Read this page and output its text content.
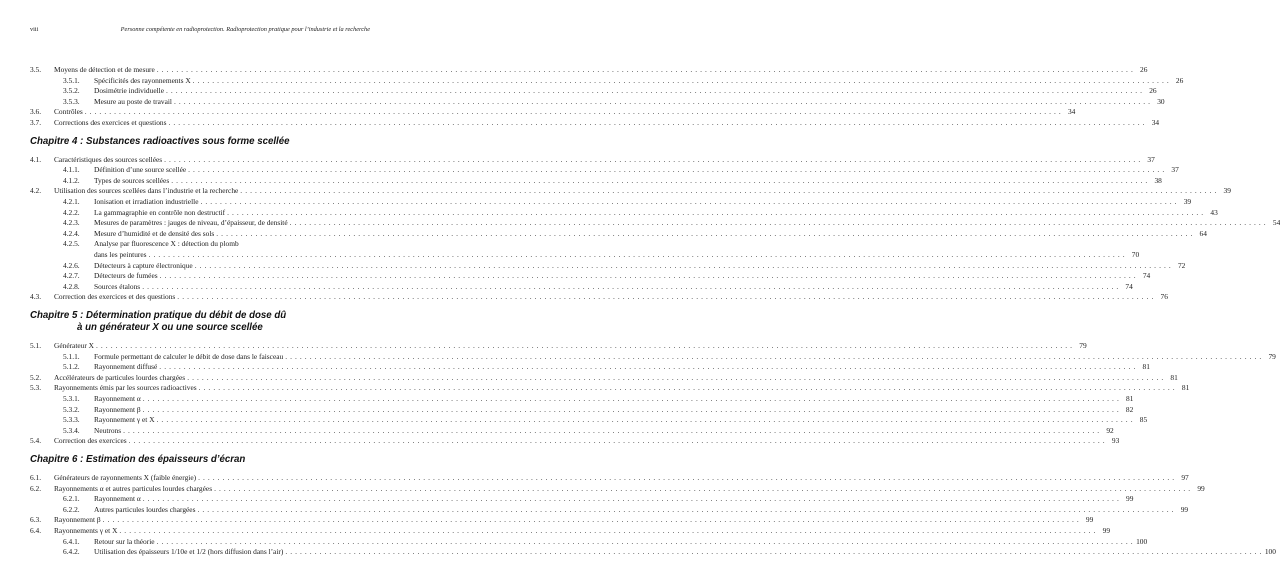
viii	Personne compétente en radioprotection. Radioprotection pratique pour l’industrie et la recherche
3.5. Moyens de détection et de mesure . . . . . . . . . . . . . . . . . . . . . . . . . . . . . . . . . . . . . . . . . . . . . . . . . . . . . . . . . . . . . . . . . . . . . . . . . . . . . . . . . . . . . . . . . . . . . . . . . . . . . . . . . . . . . . . . . . . . . . . . . . . . . . . . . . . . . . . . . . . . . . . . . . . . . . . . . . . . . . . . . . . . . . . . . . . . . . . . . . . . . . . . . . . . . . . . . . . . . . . . 26
3.5.1. Spécificités des rayonnements X . . . . . . . . . . . . . . . . . . . . . . . . . . . . . . . . . . . . . . . . . . . . . . . . . . . . . . . . . . . . . . . . . . . . . . . . . . . . . . . . . . . . . . . . . . . . . . . . . . . . . . . . . . . . . . . . . . . . . . . . . . . . . . . . . . . . . . . . . . . . . . . . . . . . . . . . . . . . . . . . . . . . . . . . . . . . . . . . . . . . . . . . . . . . . . . . . . . . . . . . 26
3.5.2. Dosimétrie individuelle . . . . . . . . . . . . . . . . . . . . . . . . . . . . . . . . . . . . . . . . . . . . . . . . . . . . . . . . . . . . . . . . . . . . . . . . . . . . . . . . . . . . . . . . . . . . . . . . . . . . . . . . . . . . . . . . . . . . . . . . . . . . . . . . . . . . . . . . . . . . . . . . . . . . . . . . . . . . . . . . . . . . . . . . . . . . . . . . . . . . . . . . . . . . . . . . . . . . . . . . 26
3.5.3. Mesure au poste de travail . . . . . . . . . . . . . . . . . . . . . . . . . . . . . . . . . . . . . . . . . . . . . . . . . . . . . . . . . . . . . . . . . . . . . . . . . . . . . . . . . . . . . . . . . . . . . . . . . . . . . . . . . . . . . . . . . . . . . . . . . . . . . . . . . . . . . . . . . . . . . . . . . . . . . . . . . . . . . . . . . . . . . . . . . . . . . . . . . . . . . . . . . . . . . . . . . . . . . . . . 30
3.6. Contrôles . . . . . . . . . . . . . . . . . . . . . . . . . . . . . . . . . . . . . . . . . . . . . . . . . . . . . . . . . . . . . . . . . . . . . . . . . . . . . . . . . . . . . . . . . . . . . . . . . . . . . . . . . . . . . . . . . . . . . . . . . . . . . . . . . . . . . . . . . . . . . . . . . . . . . . . . . . . . . . . . . . . . . . . . . . . . . . . . . . . . . . . . . . . . . . . . . . . . . . . . 34
3.7. Corrections des exercices et questions . . . . . . . . . . . . . . . . . . . . . . . . . . . . . . . . . . . . . . . . . . . . . . . . . . . . . . . . . . . . . . . . . . . . . . . . . . . . . . . . . . . . . . . . . . . . . . . . . . . . . . . . . . . . . . . . . . . . . . . . . . . . . . . . . . . . . . . . . . . . . . . . . . . . . . . . . . . . . . . . . . . . . . . . . . . . . . . . . . . . . . . . . . . . . . . . . . . . . . . . 34
Chapitre 4 : Substances radioactives sous forme scellée
4.1. Caractéristiques des sources scellées . . . . . . . . . . . . . . . . . . . . . . . . . . . . . . . . . . . . . . . . . . . . . . . . . . . . . . . . . . . . . . . . . . . . . . . . . . . . . . . . . . . . . . . . . . . . . . . . . . . . . . . . . . . . . . . . . . . . . . . . . . . . . . . . . . . . . . . . . . . . . . . . . . . . . . . . . . . . . . . . . . . . . . . . . . . . . . . . . . . . . . . . . . . . . . . . . . . . . . . . 37
4.1.1. Définition d’une source scellée . . . . . . . . . . . . . . . . . . . . . . . . . . . . . . . . . . . . . . . . . . . . . . . . . . . . . . . . . . . . . . . . . . . . . . . . . . . . . . . . . . . . . . . . . . . . . . . . . . . . . . . . . . . . . . . . . . . . . . . . . . . . . . . . . . . . . . . . . . . . . . . . . . . . . . . . . . . . . . . . . . . . . . . . . . . . . . . . . . . . . . . . . . . . . . . . . . . . . . . . 37
4.1.2. Types de sources scellées . . . . . . . . . . . . . . . . . . . . . . . . . . . . . . . . . . . . . . . . . . . . . . . . . . . . . . . . . . . . . . . . . . . . . . . . . . . . . . . . . . . . . . . . . . . . . . . . . . . . . . . . . . . . . . . . . . . . . . . . . . . . . . . . . . . . . . . . . . . . . . . . . . . . . . . . . . . . . . . . . . . . . . . . . . . . . . . . . . . . . . . . . . . . . . . . . . . . . . . . 38
4.2. Utilisation des sources scellées dans l’industrie et la recherche . . . . . . . . . . . . . . . . . . . . . . . . . . . . . . . . . . . . . . . . . . . . . . . . . . . . . . . . . . . . . . . . . . . . . . . . . . . . . . . . . . . . . . . . . . . . . . . . . . . . . . . . . . . . . . . . . . . . . . . . . . . . . . . . . . . . . . . . . . . . . . . . . . . . . . . . . . . . . . . . . . . . . . . . . . . . . . . . . . . . . . . . . . . . . . . . . . . . . . . . 39
4.2.1. Ionisation et irradiation industrielle . . . . . . . . . . . . . . . . . . . . . . . . . . . . . . . . . . . . . . . . . . . . . . . . . . . . . . . . . . . . . . . . . . . . . . . . . . . . . . . . . . . . . . . . . . . . . . . . . . . . . . . . . . . . . . . . . . . . . . . . . . . . . . . . . . . . . . . . . . . . . . . . . . . . . . . . . . . . . . . . . . . . . . . . . . . . . . . . . . . . . . . . . . . . . . . . . . . . . . . . 39
4.2.2. La gammagraphie en contrôle non destructif . . . . . . . . . . . . . . . . . . . . . . . . . . . . . . . . . . . . . . . . . . . . . . . . . . . . . . . . . . . . . . . . . . . . . . . . . . . . . . . . . . . . . . . . . . . . . . . . . . . . . . . . . . . . . . . . . . . . . . . . . . . . . . . . . . . . . . . . . . . . . . . . . . . . . . . . . . . . . . . . . . . . . . . . . . . . . . . . . . . . . . . . . . . . . . . . . . . . . . . . 43
4.2.3. Mesures de paramètres : jauges de niveau, d’épaisseur, de densité . . . . . . . . . . . . . . . . . . . . . . . . . . . . . . . . . . . . . . . . . . . . . . . . . . . . . . . . . . . . . . . . . . . . . . . . . . . . . . . . . . . . . . . . . . . . . . . . . . . . . . . . . . . . . . . . . . . . . . . . . . . . . . . . . . . . . . . . . . . . . . . . . . . . . . . . . . . . . . . . . . . . . . . . . . . . . . . . . . . . . . . . . . . . . . . . . . . . . . . . 54
4.2.4. Mesure d’humidité et de densité des sols . . . . . . . . . . . . . . . . . . . . . . . . . . . . . . . . . . . . . . . . . . . . . . . . . . . . . . . . . . . . . . . . . . . . . . . . . . . . . . . . . . . . . . . . . . . . . . . . . . . . . . . . . . . . . . . . . . . . . . . . . . . . . . . . . . . . . . . . . . . . . . . . . . . . . . . . . . . . . . . . . . . . . . . . . . . . . . . . . . . . . . . . . . . . . . . . . . . . . . . . 64
4.2.5. Analyse par fluorescence X : détection du plomb
dans les peintures . . . . . . . . . . . . . . . . . . . . . . . . . . . . . . . . . . . . . . . . . . . . . . . . . . . . . . . . . . . . . . . . . . . . . . . . . . . . . . . . . . . . . . . . . . . . . . . . . . . . . . . . . . . . . . . . . . . . . . . . . . . . . . . . . . . . . . . . . . . . . . . . . . . . . . . . . . . . . . . . . . . . . . . . . . . . . . . . . . . . . . . . . . . . . . . . . . . . . . . . 70
4.2.6. Détecteurs à capture électronique . . . . . . . . . . . . . . . . . . . . . . . . . . . . . . . . . . . . . . . . . . . . . . . . . . . . . . . . . . . . . . . . . . . . . . . . . . . . . . . . . . . . . . . . . . . . . . . . . . . . . . . . . . . . . . . . . . . . . . . . . . . . . . . . . . . . . . . . . . . . . . . . . . . . . . . . . . . . . . . . . . . . . . . . . . . . . . . . . . . . . . . . . . . . . . . . . . . . . . . . 72
4.2.7. Détecteurs de fumées . . . . . . . . . . . . . . . . . . . . . . . . . . . . . . . . . . . . . . . . . . . . . . . . . . . . . . . . . . . . . . . . . . . . . . . . . . . . . . . . . . . . . . . . . . . . . . . . . . . . . . . . . . . . . . . . . . . . . . . . . . . . . . . . . . . . . . . . . . . . . . . . . . . . . . . . . . . . . . . . . . . . . . . . . . . . . . . . . . . . . . . . . . . . . . . . . . . . . . . . 74
4.2.8. Sources étalons . . . . . . . . . . . . . . . . . . . . . . . . . . . . . . . . . . . . . . . . . . . . . . . . . . . . . . . . . . . . . . . . . . . . . . . . . . . . . . . . . . . . . . . . . . . . . . . . . . . . . . . . . . . . . . . . . . . . . . . . . . . . . . . . . . . . . . . . . . . . . . . . . . . . . . . . . . . . . . . . . . . . . . . . . . . . . . . . . . . . . . . . . . . . . . . . . . . . . . . . 74
4.3. Correction des exercices et des questions . . . . . . . . . . . . . . . . . . . . . . . . . . . . . . . . . . . . . . . . . . . . . . . . . . . . . . . . . . . . . . . . . . . . . . . . . . . . . . . . . . . . . . . . . . . . . . . . . . . . . . . . . . . . . . . . . . . . . . . . . . . . . . . . . . . . . . . . . . . . . . . . . . . . . . . . . . . . . . . . . . . . . . . . . . . . . . . . . . . . . . . . . . . . . . . . . . . . . . . . 76
Chapitre 5 : Détermination pratique du débit de dose dû
à un générateur X ou une source scellée
5.1. Générateur X . . . . . . . . . . . . . . . . . . . . . . . . . . . . . . . . . . . . . . . . . . . . . . . . . . . . . . . . . . . . . . . . . . . . . . . . . . . . . . . . . . . . . . . . . . . . . . . . . . . . . . . . . . . . . . . . . . . . . . . . . . . . . . . . . . . . . . . . . . . . . . . . . . . . . . . . . . . . . . . . . . . . . . . . . . . . . . . . . . . . . . . . . . . . . . . . . . . . . . . . 79
5.1.1. Formule permettant de calculer le débit de dose dans le faisceau . . . . . . . . . . . . . . . . . . . . . . . . . . . . . . . . . . . . . . . . . . . . . . . . . . . . . . . . . . . . . . . . . . . . . . . . . . . . . . . . . . . . . . . . . . . . . . . . . . . . . . . . . . . . . . . . . . . . . . . . . . . . . . . . . . . . . . . . . . . . . . . . . . . . . . . . . . . . . . . . . . . . . . . . . . . . . . . . . . . . . . . . . . . . . . . . . . . . . . . . 79
5.1.2. Rayonnement diffusé . . . . . . . . . . . . . . . . . . . . . . . . . . . . . . . . . . . . . . . . . . . . . . . . . . . . . . . . . . . . . . . . . . . . . . . . . . . . . . . . . . . . . . . . . . . . . . . . . . . . . . . . . . . . . . . . . . . . . . . . . . . . . . . . . . . . . . . . . . . . . . . . . . . . . . . . . . . . . . . . . . . . . . . . . . . . . . . . . . . . . . . . . . . . . . . . . . . . . . . . 81
5.2. Accélérateurs de particules lourdes chargées . . . . . . . . . . . . . . . . . . . . . . . . . . . . . . . . . . . . . . . . . . . . . . . . . . . . . . . . . . . . . . . . . . . . . . . . . . . . . . . . . . . . . . . . . . . . . . . . . . . . . . . . . . . . . . . . . . . . . . . . . . . . . . . . . . . . . . . . . . . . . . . . . . . . . . . . . . . . . . . . . . . . . . . . . . . . . . . . . . . . . . . . . . . . . . . . . . . . . . . . 81
5.3. Rayonnements émis par les sources radioactives . . . . . . . . . . . . . . . . . . . . . . . . . . . . . . . . . . . . . . . . . . . . . . . . . . . . . . . . . . . . . . . . . . . . . . . . . . . . . . . . . . . . . . . . . . . . . . . . . . . . . . . . . . . . . . . . . . . . . . . . . . . . . . . . . . . . . . . . . . . . . . . . . . . . . . . . . . . . . . . . . . . . . . . . . . . . . . . . . . . . . . . . . . . . . . . . . . . . . . . . 81
5.3.1. Rayonnement α . . . . . . . . . . . . . . . . . . . . . . . . . . . . . . . . . . . . . . . . . . . . . . . . . . . . . . . . . . . . . . . . . . . . . . . . . . . . . . . . . . . . . . . . . . . . . . . . . . . . . . . . . . . . . . . . . . . . . . . . . . . . . . . . . . . . . . . . . . . . . . . . . . . . . . . . . . . . . . . . . . . . . . . . . . . . . . . . . . . . . . . . . . . . . . . . . . . . . . . . 81
5.3.2. Rayonnement β . . . . . . . . . . . . . . . . . . . . . . . . . . . . . . . . . . . . . . . . . . . . . . . . . . . . . . . . . . . . . . . . . . . . . . . . . . . . . . . . . . . . . . . . . . . . . . . . . . . . . . . . . . . . . . . . . . . . . . . . . . . . . . . . . . . . . . . . . . . . . . . . . . . . . . . . . . . . . . . . . . . . . . . . . . . . . . . . . . . . . . . . . . . . . . . . . . . . . . . . 82
5.3.3. Rayonnement γ et X . . . . . . . . . . . . . . . . . . . . . . . . . . . . . . . . . . . . . . . . . . . . . . . . . . . . . . . . . . . . . . . . . . . . . . . . . . . . . . . . . . . . . . . . . . . . . . . . . . . . . . . . . . . . . . . . . . . . . . . . . . . . . . . . . . . . . . . . . . . . . . . . . . . . . . . . . . . . . . . . . . . . . . . . . . . . . . . . . . . . . . . . . . . . . . . . . . . . . . . . 85
5.3.4. Neutrons . . . . . . . . . . . . . . . . . . . . . . . . . . . . . . . . . . . . . . . . . . . . . . . . . . . . . . . . . . . . . . . . . . . . . . . . . . . . . . . . . . . . . . . . . . . . . . . . . . . . . . . . . . . . . . . . . . . . . . . . . . . . . . . . . . . . . . . . . . . . . . . . . . . . . . . . . . . . . . . . . . . . . . . . . . . . . . . . . . . . . . . . . . . . . . . . . . . . . . . . 92
5.4. Correction des exercices . . . . . . . . . . . . . . . . . . . . . . . . . . . . . . . . . . . . . . . . . . . . . . . . . . . . . . . . . . . . . . . . . . . . . . . . . . . . . . . . . . . . . . . . . . . . . . . . . . . . . . . . . . . . . . . . . . . . . . . . . . . . . . . . . . . . . . . . . . . . . . . . . . . . . . . . . . . . . . . . . . . . . . . . . . . . . . . . . . . . . . . . . . . . . . . . . . . . . . . . 93
Chapitre 6 : Estimation des épaisseurs d’écran
6.1. Générateurs de rayonnements X (faible énergie) . . . . . . . . . . . . . . . . . . . . . . . . . . . . . . . . . . . . . . . . . . . . . . . . . . . . . . . . . . . . . . . . . . . . . . . . . . . . . . . . . . . . . . . . . . . . . . . . . . . . . . . . . . . . . . . . . . . . . . . . . . . . . . . . . . . . . . . . . . . . . . . . . . . . . . . . . . . . . . . . . . . . . . . . . . . . . . . . . . . . . . . . . . . . . . . . . . . . . . . . 97
6.2. Rayonnements α et autres particules lourdes chargées . . . . . . . . . . . . . . . . . . . . . . . . . . . . . . . . . . . . . . . . . . . . . . . . . . . . . . . . . . . . . . . . . . . . . . . . . . . . . . . . . . . . . . . . . . . . . . . . . . . . . . . . . . . . . . . . . . . . . . . . . . . . . . . . . . . . . . . . . . . . . . . . . . . . . . . . . . . . . . . . . . . . . . . . . . . . . . . . . . . . . . . . . . . . . . . . . . . . . . . . 99
6.2.1. Rayonnement α . . . . . . . . . . . . . . . . . . . . . . . . . . . . . . . . . . . . . . . . . . . . . . . . . . . . . . . . . . . . . . . . . . . . . . . . . . . . . . . . . . . . . . . . . . . . . . . . . . . . . . . . . . . . . . . . . . . . . . . . . . . . . . . . . . . . . . . . . . . . . . . . . . . . . . . . . . . . . . . . . . . . . . . . . . . . . . . . . . . . . . . . . . . . . . . . . . . . . . . . 99
6.2.2. Autres particules lourdes chargées . . . . . . . . . . . . . . . . . . . . . . . . . . . . . . . . . . . . . . . . . . . . . . . . . . . . . . . . . . . . . . . . . . . . . . . . . . . . . . . . . . . . . . . . . . . . . . . . . . . . . . . . . . . . . . . . . . . . . . . . . . . . . . . . . . . . . . . . . . . . . . . . . . . . . . . . . . . . . . . . . . . . . . . . . . . . . . . . . . . . . . . . . . . . . . . . . . . . . . . . 99
6.3. Rayonnement β . . . . . . . . . . . . . . . . . . . . . . . . . . . . . . . . . . . . . . . . . . . . . . . . . . . . . . . . . . . . . . . . . . . . . . . . . . . . . . . . . . . . . . . . . . . . . . . . . . . . . . . . . . . . . . . . . . . . . . . . . . . . . . . . . . . . . . . . . . . . . . . . . . . . . . . . . . . . . . . . . . . . . . . . . . . . . . . . . . . . . . . . . . . . . . . . . . . . . . . . 99
6.4. Rayonnements γ et X . . . . . . . . . . . . . . . . . . . . . . . . . . . . . . . . . . . . . . . . . . . . . . . . . . . . . . . . . . . . . . . . . . . . . . . . . . . . . . . . . . . . . . . . . . . . . . . . . . . . . . . . . . . . . . . . . . . . . . . . . . . . . . . . . . . . . . . . . . . . . . . . . . . . . . . . . . . . . . . . . . . . . . . . . . . . . . . . . . . . . . . . . . . . . . . . . . . . . . . . 99
6.4.1. Retour sur la théorie . . . . . . . . . . . . . . . . . . . . . . . . . . . . . . . . . . . . . . . . . . . . . . . . . . . . . . . . . . . . . . . . . . . . . . . . . . . . . . . . . . . . . . . . . . . . . . . . . . . . . . . . . . . . . . . . . . . . . . . . . . . . . . . . . . . . . . . . . . . . . . . . . . . . . . . . . . . . . . . . . . . . . . . . . . . . . . . . . . . . . . . . . . . . . . . . . . . . . . . . 100
6.4.2. Utilisation des épaisseurs 1/10e et 1/2 (hors diffusion dans l’air) . . . . . . . . . . . . . . . . . . . . . . . . . . . . . . . . . . . . . . . . . . . . . . . . . . . . . . . . . . . . . . . . . . . . . . . . . . . . . . . . . . . . . . . . . . . . . . . . . . . . . . . . . . . . . . . . . . . . . . . . . . . . . . . . . . . . . . . . . . . . . . . . . . . . . . . . . . . . . . . . . . . . . . . . . . . . . . . . . . . . . . . . . . . . . . . . . . . . . . . . 100
